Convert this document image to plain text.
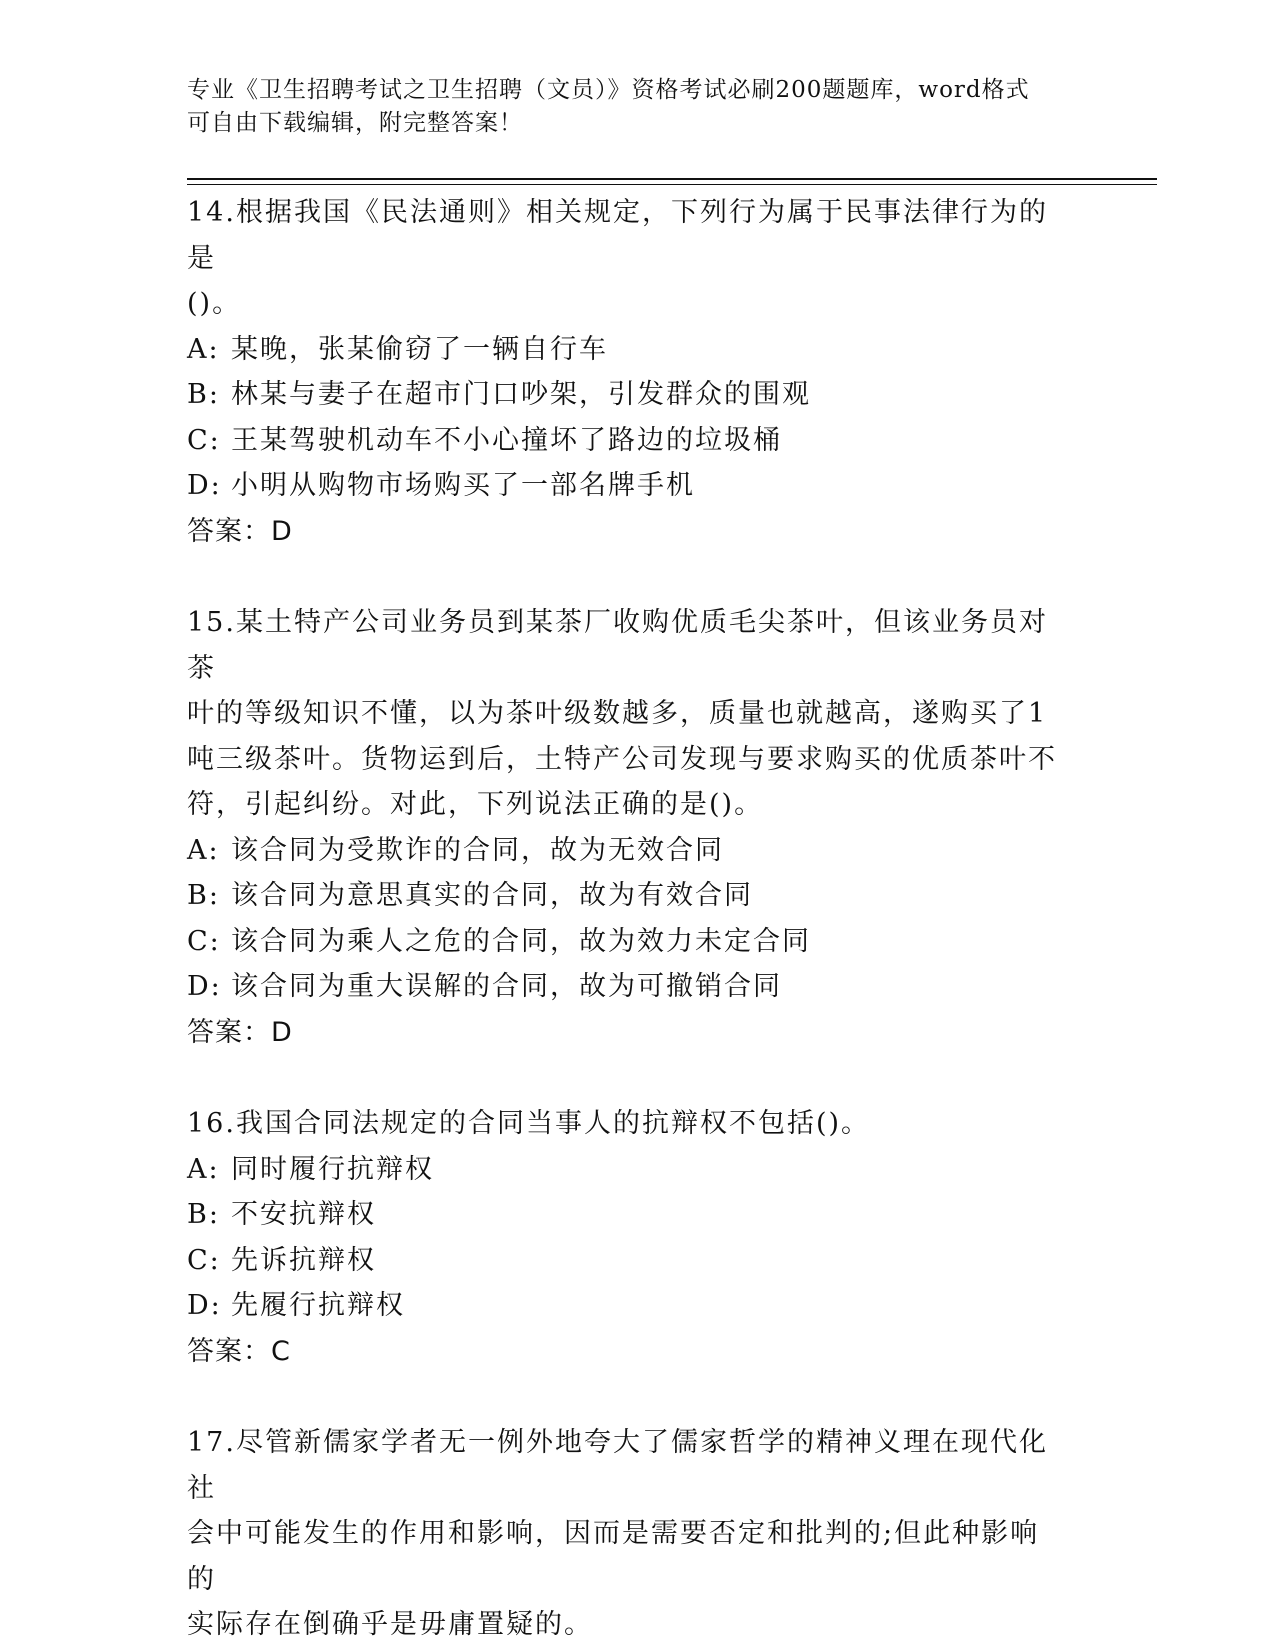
专业《卫生招聘考试之卫生招聘（文员）》资格考试必刷200题题库，word格式
可自由下载编辑，附完整答案！
14.根据我国《民法通则》相关规定，下列行为属于民事法律行为的是
()。
A: 某晚，张某偷窃了一辆自行车
B: 林某与妻子在超市门口吵架，引发群众的围观
C: 王某驾驶机动车不小心撞坏了路边的垃圾桶
D: 小明从购物市场购买了一部名牌手机
答案：D
15.某土特产公司业务员到某茶厂收购优质毛尖茶叶，但该业务员对茶
叶的等级知识不懂，以为茶叶级数越多，质量也就越高，遂购买了1
吨三级茶叶。货物运到后，土特产公司发现与要求购买的优质茶叶不
符，引起纠纷。对此，下列说法正确的是()。
A: 该合同为受欺诈的合同，故为无效合同
B: 该合同为意思真实的合同，故为有效合同
C: 该合同为乘人之危的合同，故为效力未定合同
D: 该合同为重大误解的合同，故为可撤销合同
答案：D
16.我国合同法规定的合同当事人的抗辩权不包括()。
A: 同时履行抗辩权
B: 不安抗辩权
C: 先诉抗辩权
D: 先履行抗辩权
答案：C
17.尽管新儒家学者无一例外地夸大了儒家哲学的精神义理在现代化社
会中可能发生的作用和影响，因而是需要否定和批判的;但此种影响的
实际存在倒确乎是毋庸置疑的。
